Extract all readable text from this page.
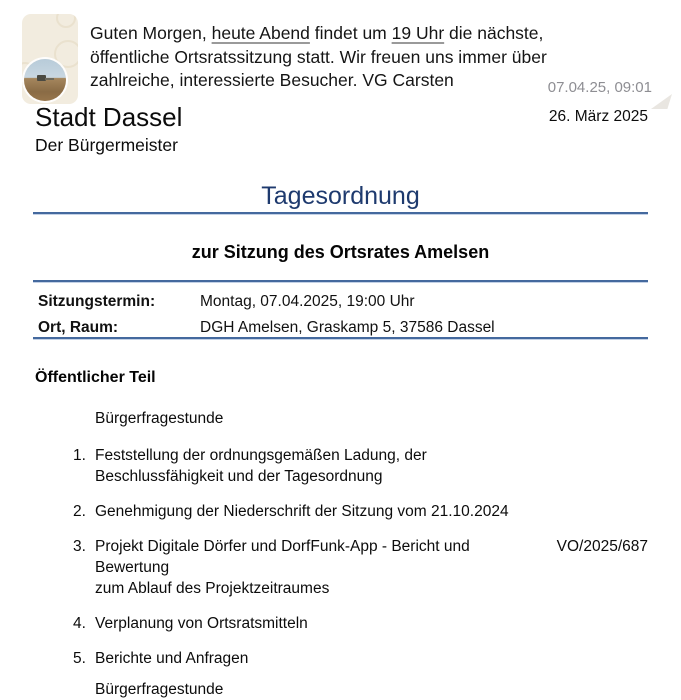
Guten Morgen, heute Abend findet um 19 Uhr die nächste,
öffentliche Ortsratssitzung statt. Wir freuen uns immer über
zahlreiche, interessierte Besucher. VG Carsten	07.04.25, 09:01
Stadt Dassel
Der Bürgermeister
26. März 2025
Tagesordnung
zur Sitzung des Ortsrates Amelsen
Sitzungstermin:	Montag, 07.04.2025, 19:00 Uhr
Ort, Raum:	DGH Amelsen, Graskamp 5, 37586 Dassel
Öffentlicher Teil
Bürgerfragestunde
1. Feststellung der ordnungsgemäßen Ladung, der
Beschlussfähigkeit und der Tagesordnung
2. Genehmigung der Niederschrift der Sitzung vom 21.10.2024
3. Projekt Digitale Dörfer und DorfFunk-App - Bericht und Bewertung
VO/2025/687
zum Ablauf des Projektzeitraumes
4. Verplanung von Ortsratsmitteln
5. Berichte und Anfragen
Bürgerfragestunde
